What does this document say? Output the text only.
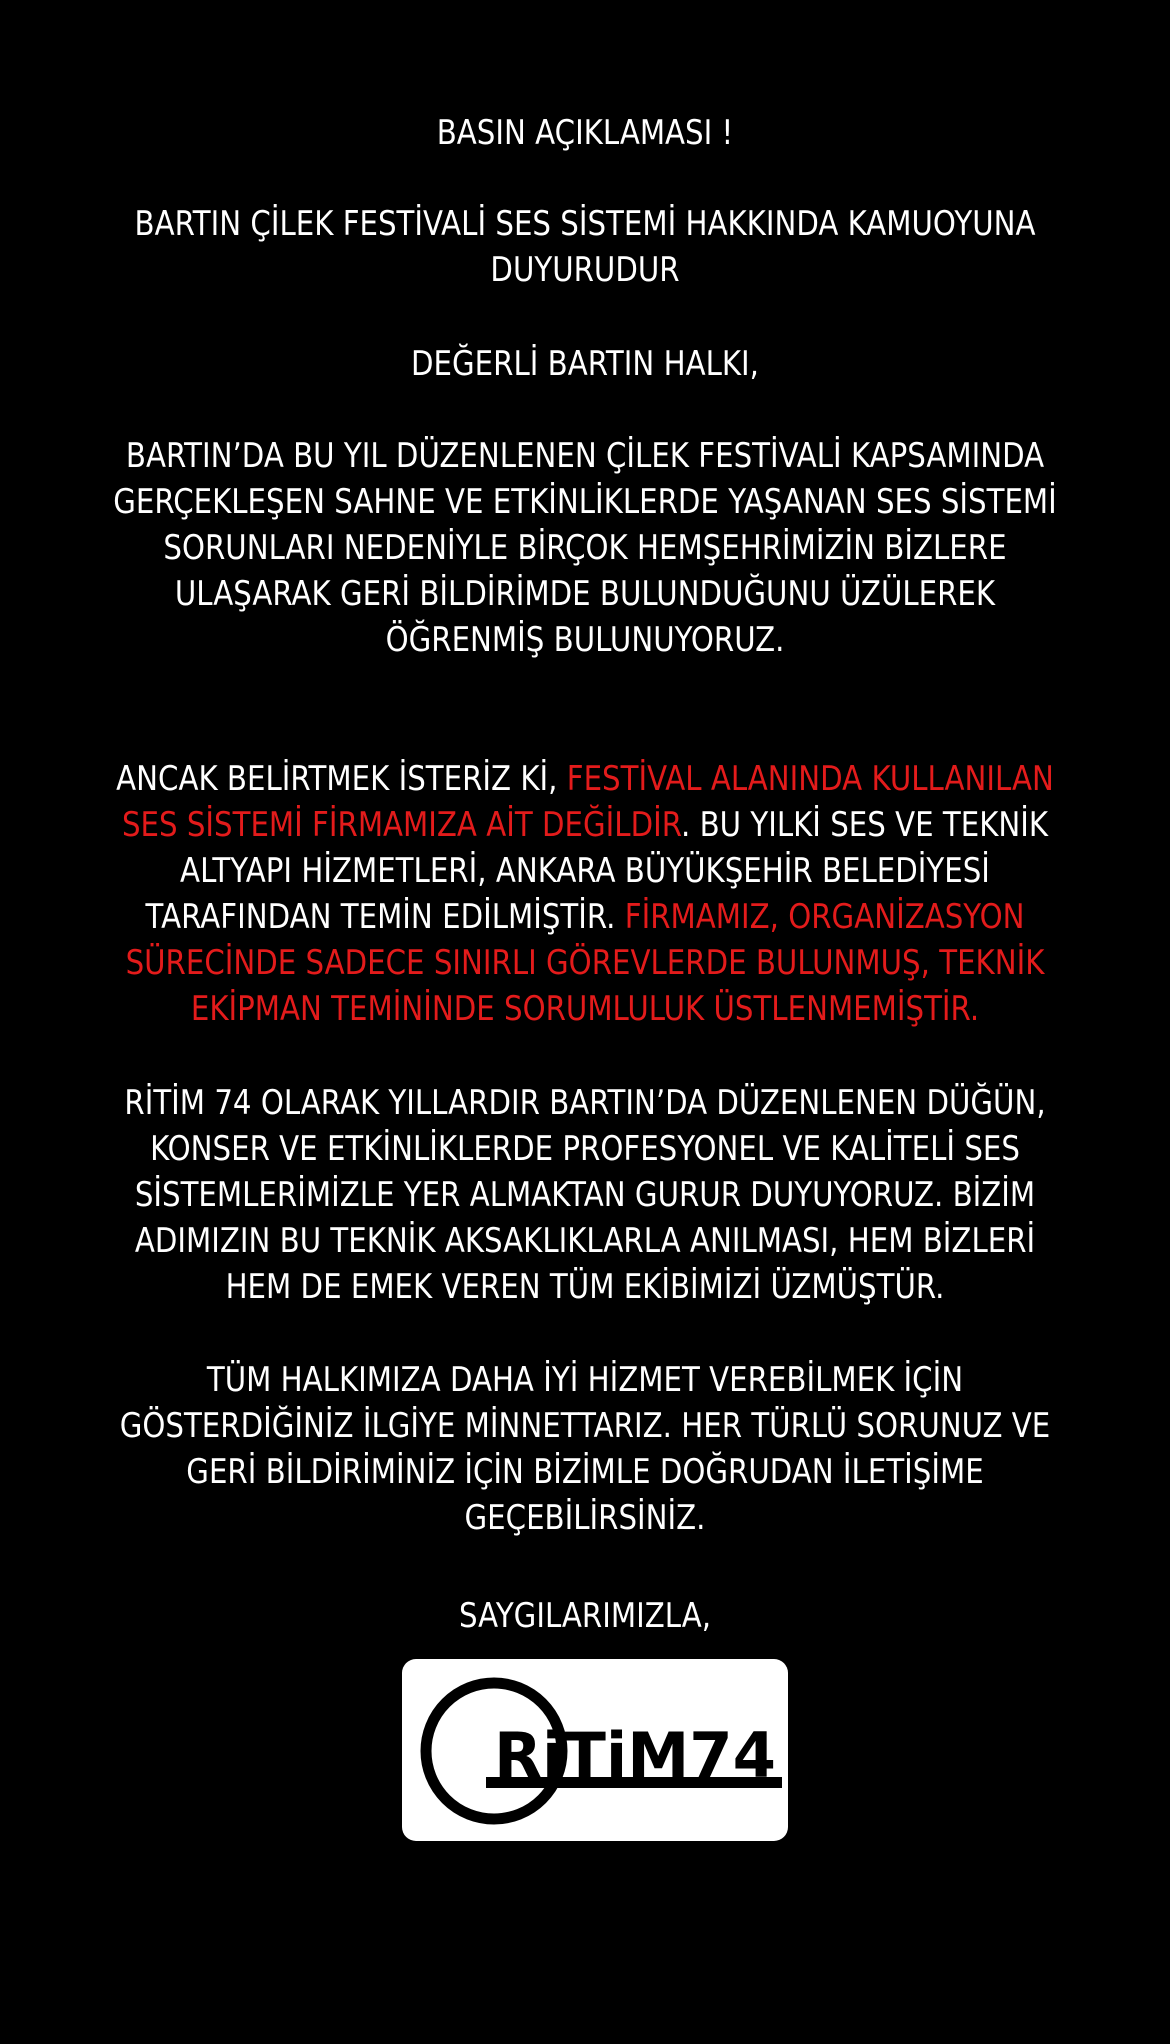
BASIN AÇIKLAMASI !
BARTIN ÇİLEK FESTİVALİ SES SİSTEMİ HAKKINDA KAMUOYUNA
DUYURUDUR
DEĞERLİ BARTIN HALKI,
BARTIN’DA BU YIL DÜZENLENEN ÇİLEK FESTİVALİ KAPSAMINDA
GERÇEKLEŞEN SAHNE VE ETKİNLİKLERDE YAŞANAN SES SİSTEMİ
SORUNLARI NEDENİYLE BİRÇOK HEMŞEHRİMİZİN BİZLERE
ULAŞARAK GERİ BİLDİRİMDE BULUNDUĞUNU ÜZÜLEREK
ÖĞRENMİŞ BULUNUYORUZ.
ANCAK BELİRTMEK İSTERİZ Kİ, FESTİVAL ALANINDA KULLANILAN
SES SİSTEMİ FİRMAMIZA AİT DEĞİLDİR. BU YILKİ SES VE TEKNİK
ALTYAPI HİZMETLERİ, ANKARA BÜYÜKŞEHİR BELEDİYESİ
TARAFINDAN TEMİN EDİLMİŞTİR. FİRMAMIZ, ORGANİZASYON
SÜRECİNDE SADECE SINIRLI GÖREVLERDE BULUNMUŞ, TEKNİK
EKİPMAN TEMİNİNDE SORUMLULUK ÜSTLENMEMİŞTİR.
RİTİM 74 OLARAK YILLARDIR BARTIN’DA DÜZENLENEN DÜĞÜN,
KONSER VE ETKİNLİKLERDE PROFESYONEL VE KALİTELİ SES
SİSTEMLERİMİZLE YER ALMAKTAN GURUR DUYUYORUZ. BİZİM
ADIMIZIN BU TEKNİK AKSAKLIKLARLA ANILMASI, HEM BİZLERİ
HEM DE EMEK VEREN TÜM EKİBİMİZİ ÜZMÜŞTÜR.
TÜM HALKIMIZA DAHA İYİ HİZMET VEREBİLMEK İÇİN
GÖSTERDİĞİNİZ İLGİYE MİNNETTARIZ. HER TÜRLÜ SORUNUZ VE
GERİ BİLDİRİMİNİZ İÇİN BİZİMLE DOĞRUDAN İLETİŞİME
GEÇEBİLİRSİNİZ.
SAYGILARIMIZLA,
RiTiM74
